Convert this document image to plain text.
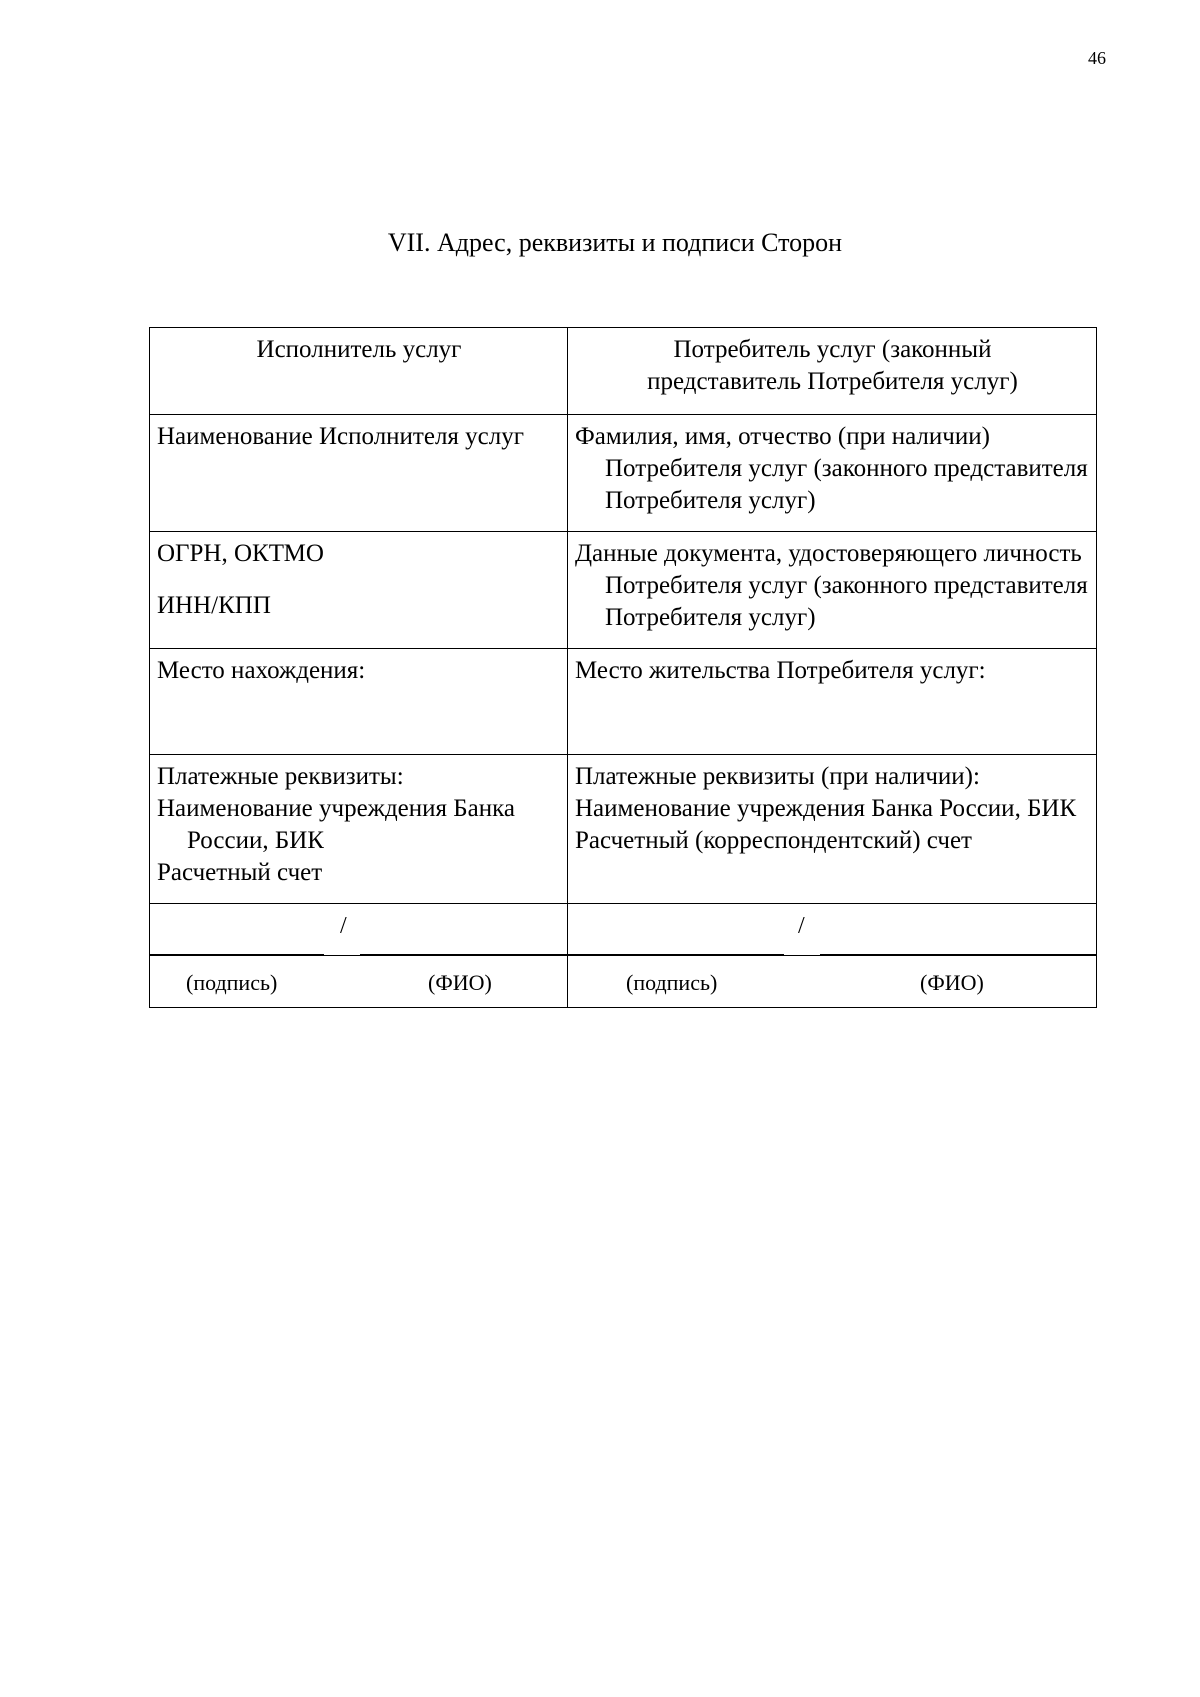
46
VII. Адрес, реквизиты и подписи Сторон
Исполнитель услуг	Потребитель услуг (законный
представитель Потребителя услуг)

Наименование Исполнителя услуг	Фамилия, имя, отчество (при наличии) Потребителя услуг (законного представителя Потребителя услуг)

ОГРН, ОКТМО
ИНН/КПП	Данные документа, удостоверяющего личность Потребителя услуг (законного представителя Потребителя услуг)

Место нахождения:	Место жительства Потребителя услуг:

Платежные реквизиты:
Наименование учреждения Банка России, БИК
Расчетный счет	Платежные реквизиты (при наличии):
Наименование учреждения Банка России, БИК
Расчетный (корреспондентский) счет

/	/

(подпись) (ФИО)	(подпись) (ФИО)
